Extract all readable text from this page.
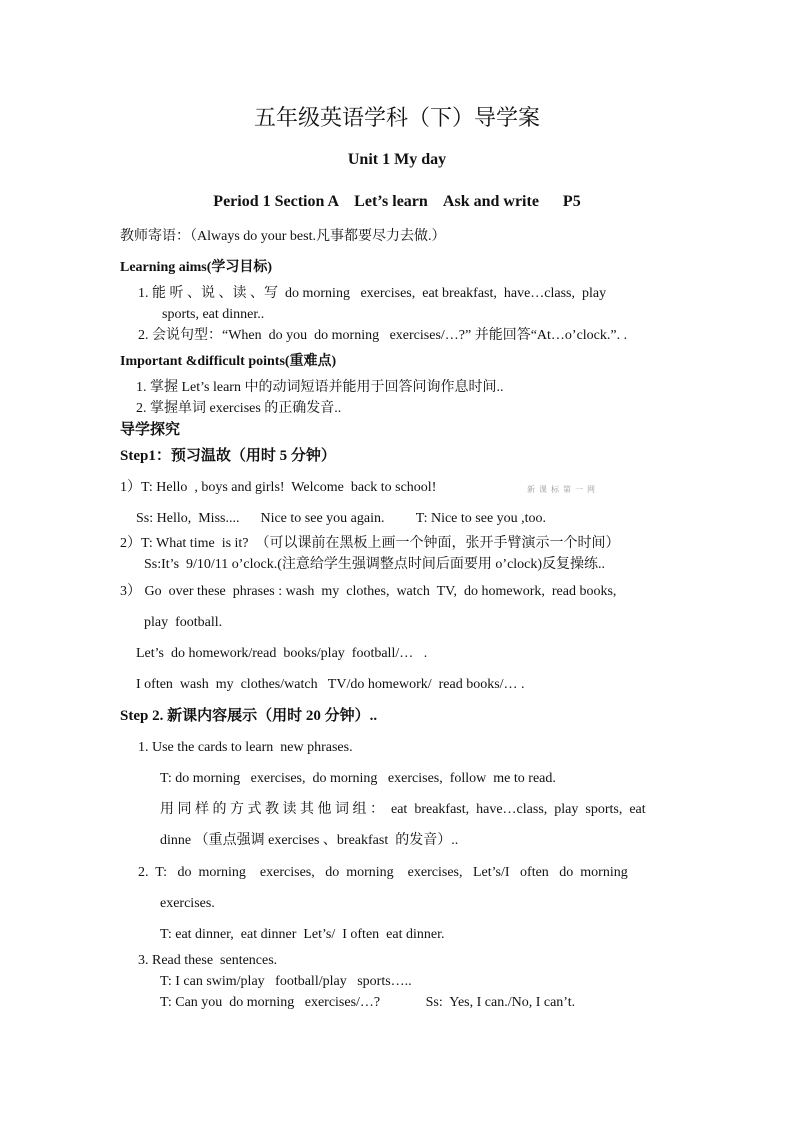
五年级英语学科（下）导学案
Unit 1 My day
Period 1 Section A    Let’s learn    Ask and write      P5
教师寄语：（Always do your best.凡事都要尽力去做.）
Learning aims(学习目标)
1. 能 听 、说 、读 、写  do morning   exercises,  eat breakfast,  have…class,  play
sports, eat dinner..
2. 会说句型：“When  do you  do morning   exercises/…?” 并能回答“At…o’clock.”. .
Important &difficult points(重难点)
1. 掌握 Let’s learn 中的动词短语并能用于回答问询作息时间..
2. 掌握单词 exercises 的正确发音..
导学探究
Step1：预习温故（用时 5 分钟）
1）T: Hello  , boys and girls!  Welcome  back to school!	新 课 标 第 一 网
Ss: Hello,  Miss....      Nice to see you again.         T: Nice to see you ,too.
2）T: What time  is it?  （可以课前在黑板上画一个钟面，张开手臂演示一个时间）
Ss:It’s  9/10/11 o’clock.(注意给学生强调整点时间后面要用 o’clock)反复操练..
3） Go  over these  phrases : wash  my  clothes,  watch  TV,  do homework,  read books,
play  football.
Let’s  do homework/read  books/play  football/…   .
I often  wash  my  clothes/watch   TV/do homework/  read books/… .
Step 2. 新课内容展示（用时 20 分钟）..
1. Use the cards to learn  new phrases.
T: do morning   exercises,  do morning   exercises,  follow  me to read.
用 同 样 的 方 式 教 读 其 他 词 组 ：  eat  breakfast,  have…class,  play  sports,  eat
dinne （重点强调 exercises 、breakfast  的发音）..
2.  T:   do  morning    exercises,   do  morning    exercises,   Let’s/I   often   do  morning
exercises.
T: eat dinner,  eat dinner  Let’s/  I often  eat dinner.
3. Read these  sentences.
T: I can swim/play   football/play   sports…..
T: Can you  do morning   exercises/…?             Ss:  Yes, I can./No, I can’t.
